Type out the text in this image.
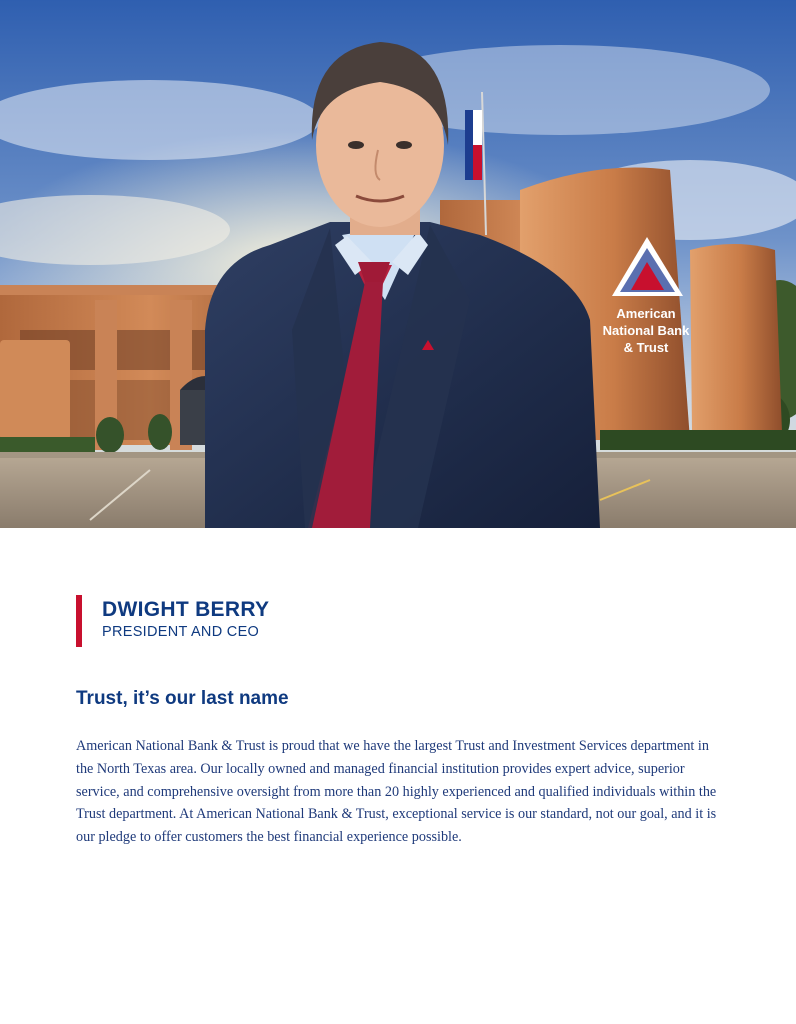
American
National Bank
& Trust
DWIGHT BERRY
PRESIDENT AND CEO
Trust, it’s our last name

American National Bank & Trust is proud that we have the largest Trust and Investment Services department in the North Texas area. Our locally owned and managed financial institution provides expert advice, superior service, and comprehensive oversight from more than 20 highly experienced and qualified individuals within the Trust department. At American National Bank & Trust, exceptional service is our standard, not our goal, and it is our pledge to offer customers the best financial experience possible.
